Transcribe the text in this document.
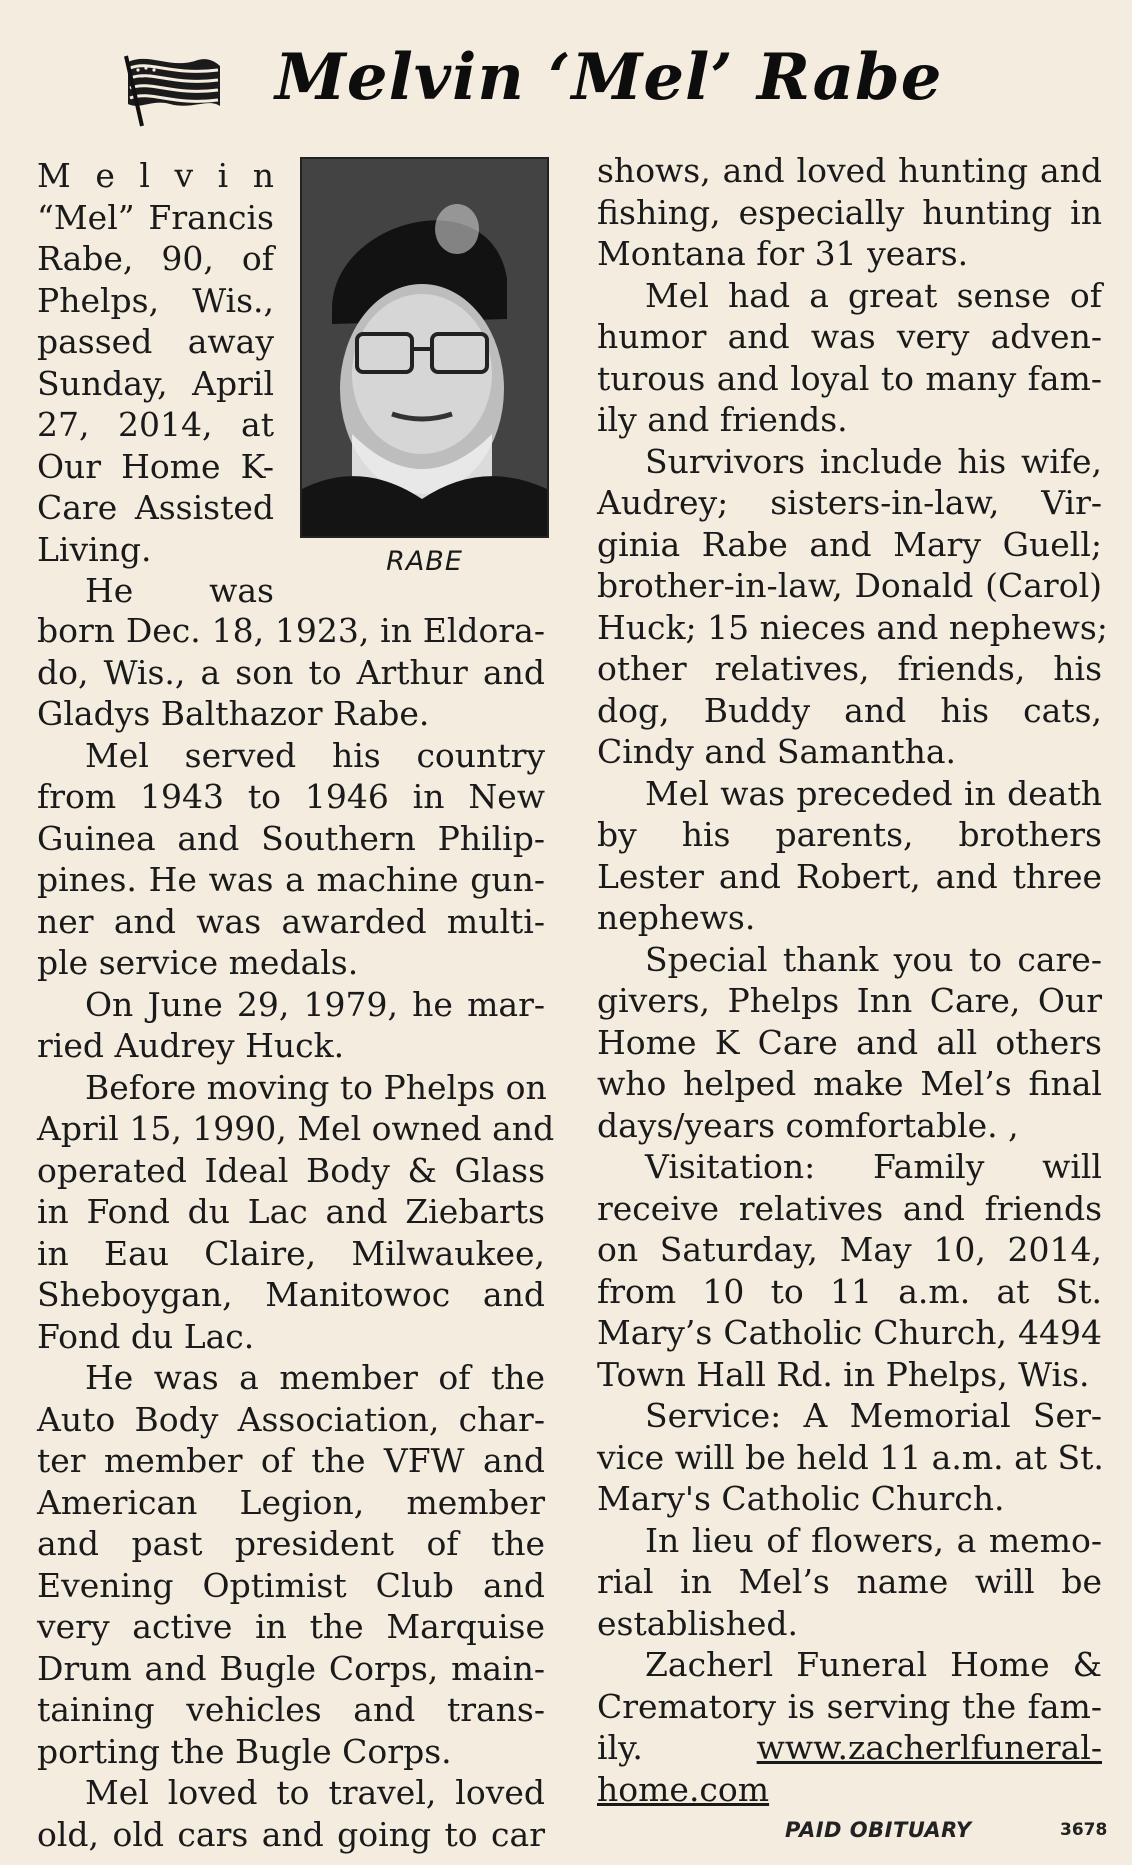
Melvin ‘Mel’ Rabe
M e l v i n
“Mel” Francis
Rabe, 90, of
Phelps, Wis.,
passed away
Sunday, April
27, 2014, at
Our Home K-
Care Assisted
Living.
He was
RABE
born Dec. 18, 1923, in Eldora-
do, Wis., a son to Arthur and
Gladys Balthazor Rabe.
Mel served his country
from 1943 to 1946 in New
Guinea and Southern Philip-
pines. He was a machine gun-
ner and was awarded multi-
ple service medals.
On June 29, 1979, he mar-
ried Audrey Huck.
Before moving to Phelps on
April 15, 1990, Mel owned and
operated Ideal Body & Glass
in Fond du Lac and Ziebarts
in Eau Claire, Milwaukee,
Sheboygan, Manitowoc and
Fond du Lac.
He was a member of the
Auto Body Association, char-
ter member of the VFW and
American Legion, member
and past president of the
Evening Optimist Club and
very active in the Marquise
Drum and Bugle Corps, main-
taining vehicles and trans-
porting the Bugle Corps.
Mel loved to travel, loved
old, old cars and going to car
shows, and loved hunting and
fishing, especially hunting in
Montana for 31 years.
Mel had a great sense of
humor and was very adven-
turous and loyal to many fam-
ily and friends.
Survivors include his wife,
Audrey; sisters-in-law, Vir-
ginia Rabe and Mary Guell;
brother-in-law, Donald (Carol)
Huck; 15 nieces and nephews;
other relatives, friends, his
dog, Buddy and his cats,
Cindy and Samantha.
Mel was preceded in death
by his parents, brothers
Lester and Robert, and three
nephews.
Special thank you to care-
givers, Phelps Inn Care, Our
Home K Care and all others
who helped make Mel’s final
days/years comfortable. ,
Visitation: Family will
receive relatives and friends
on Saturday, May 10, 2014,
from 10 to 11 a.m. at St.
Mary’s Catholic Church, 4494
Town Hall Rd. in Phelps, Wis.
Service: A Memorial Ser-
vice will be held 11 a.m. at St.
Mary's Catholic Church.
In lieu of flowers, a memo-
rial in Mel’s name will be
established.
Zacherl Funeral Home &
Crematory is serving the fam-
ily.	www.zacherlfuneral-
home.com
PAID OBITUARY	3678
